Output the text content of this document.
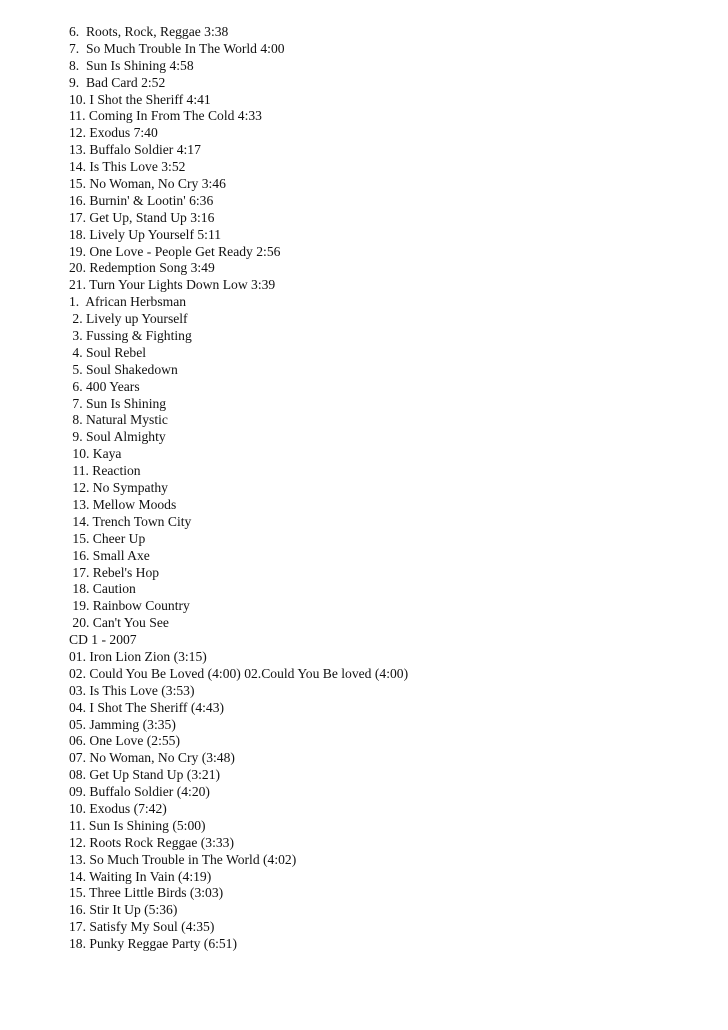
6.  Roots, Rock, Reggae 3:38
7.  So Much Trouble In The World 4:00
8.  Sun Is Shining 4:58
9.  Bad Card 2:52
10. I Shot the Sheriff 4:41
11. Coming In From The Cold 4:33
12. Exodus 7:40
13. Buffalo Soldier 4:17
14. Is This Love 3:52
15. No Woman, No Cry 3:46
16. Burnin' & Lootin' 6:36
17. Get Up, Stand Up 3:16
18. Lively Up Yourself 5:11
19. One Love - People Get Ready 2:56
20. Redemption Song 3:49
21. Turn Your Lights Down Low 3:39
1.  African Herbsman
2. Lively up Yourself
3. Fussing & Fighting
4. Soul Rebel
5. Soul Shakedown
6. 400 Years
7. Sun Is Shining
8. Natural Mystic
9. Soul Almighty
10. Kaya
11. Reaction
12. No Sympathy
13. Mellow Moods
14. Trench Town City
15. Cheer Up
16. Small Axe
17. Rebel's Hop
18. Caution
19. Rainbow Country
20. Can't You See
CD 1 - 2007
01. Iron Lion Zion (3:15)
02. Could You Be Loved (4:00) 02.Could You Be loved (4:00)
03. Is This Love (3:53)
04. I Shot The Sheriff (4:43)
05. Jamming (3:35)
06. One Love (2:55)
07. No Woman, No Cry (3:48)
08. Get Up Stand Up (3:21)
09. Buffalo Soldier (4:20)
10. Exodus (7:42)
11. Sun Is Shining (5:00)
12. Roots Rock Reggae (3:33)
13. So Much Trouble in The World (4:02)
14. Waiting In Vain (4:19)
15. Three Little Birds (3:03)
16. Stir It Up (5:36)
17. Satisfy My Soul (4:35)
18. Punky Reggae Party (6:51)
